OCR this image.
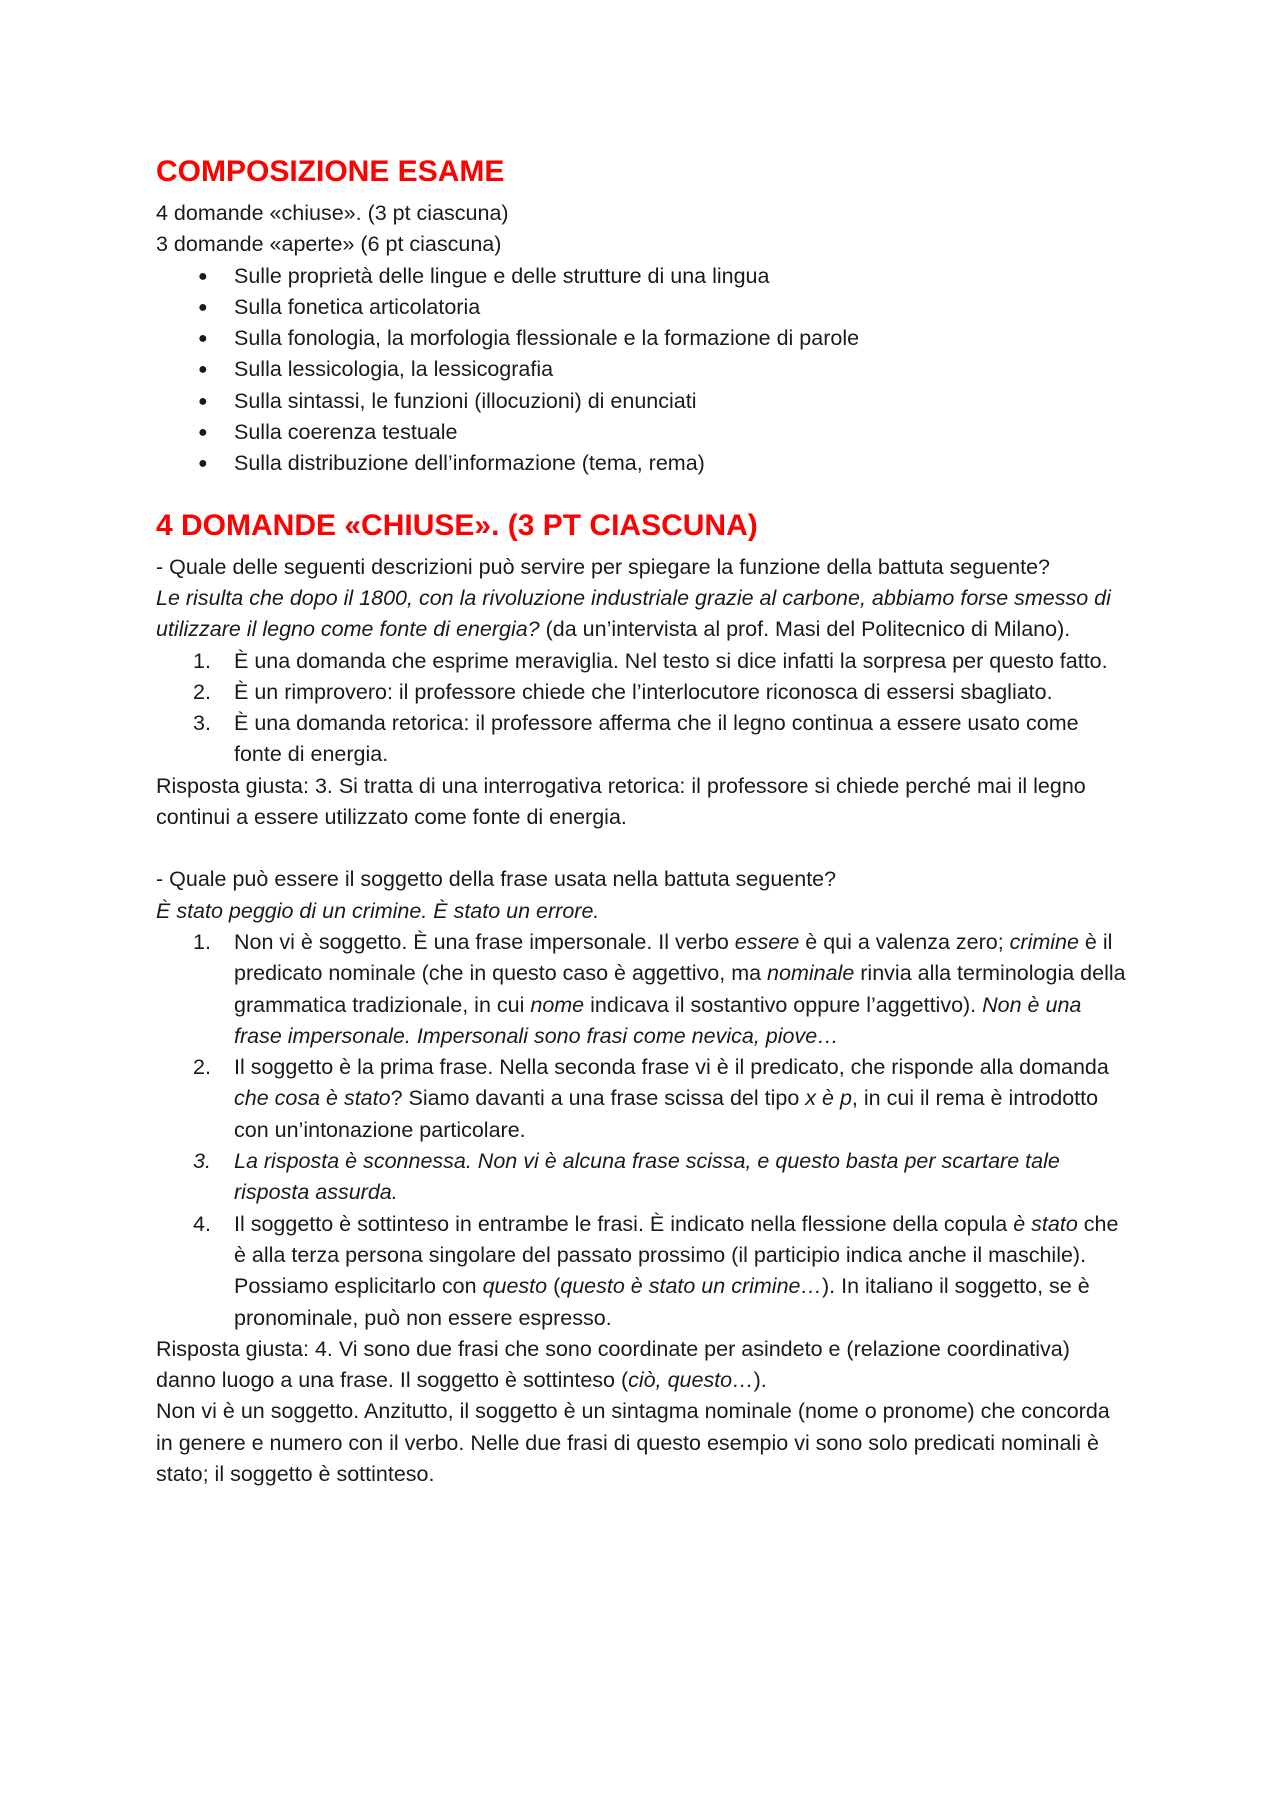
COMPOSIZIONE ESAME

4 domande «chiuse». (3 pt ciascuna)

3 domande «aperte» (6 pt ciascuna)

● Sulle proprietà delle lingue e delle strutture di una lingua
● Sulla fonetica articolatoria
● Sulla fonologia, la morfologia flessionale e la formazione di parole
● Sulla lessicologia, la lessicografia
● Sulla sintassi, le funzioni (illocuzioni) di enunciati
● Sulla coerenza testuale
● Sulla distribuzione dell’informazione (tema, rema)
4 DOMANDE «CHIUSE». (3 PT CIASCUNA)

- Quale delle seguenti descrizioni può servire per spiegare la funzione della battuta seguente?

Le risulta che dopo il 1800, con la rivoluzione industriale grazie al carbone, abbiamo forse smesso di utilizzare il legno come fonte di energia? (da un’intervista al prof. Masi del Politecnico di Milano).

1. È una domanda che esprime meraviglia. Nel testo si dice infatti la sorpresa per questo fatto.
2. È un rimprovero: il professore chiede che l’interlocutore riconosca di essersi sbagliato.
3. È una domanda retorica: il professore afferma che il legno continua a essere usato come fonte di energia.

Risposta giusta: 3. Si tratta di una interrogativa retorica: il professore si chiede perché mai il legno continui a essere utilizzato come fonte di energia.

- Quale può essere il soggetto della frase usata nella battuta seguente?

È stato peggio di un crimine. È stato un errore.

1. Non vi è soggetto. È una frase impersonale. Il verbo essere è qui a valenza zero; crimine è il predicato nominale (che in questo caso è aggettivo, ma nominale rinvia alla terminologia della grammatica tradizionale, in cui nome indicava il sostantivo oppure l’aggettivo). Non è una frase impersonale. Impersonali sono frasi come nevica, piove…
2. Il soggetto è la prima frase. Nella seconda frase vi è il predicato, che risponde alla domanda che cosa è stato? Siamo davanti a una frase scissa del tipo x è p, in cui il rema è introdotto con un’intonazione particolare.
3. La risposta è sconnessa. Non vi è alcuna frase scissa, e questo basta per scartare tale risposta assurda.
4. Il soggetto è sottinteso in entrambe le frasi. È indicato nella flessione della copula è stato che è alla terza persona singolare del passato prossimo (il participio indica anche il maschile). Possiamo esplicitarlo con questo (questo è stato un crimine…). In italiano il soggetto, se è pronominale, può non essere espresso.

Risposta giusta: 4. Vi sono due frasi che sono coordinate per asindeto e (relazione coordinativa) danno luogo a una frase. Il soggetto è sottinteso (ciò, questo…).

Non vi è un soggetto. Anzitutto, il soggetto è un sintagma nominale (nome o pronome) che concorda in genere e numero con il verbo. Nelle due frasi di questo esempio vi sono solo predicati nominali è stato; il soggetto è sottinteso.
